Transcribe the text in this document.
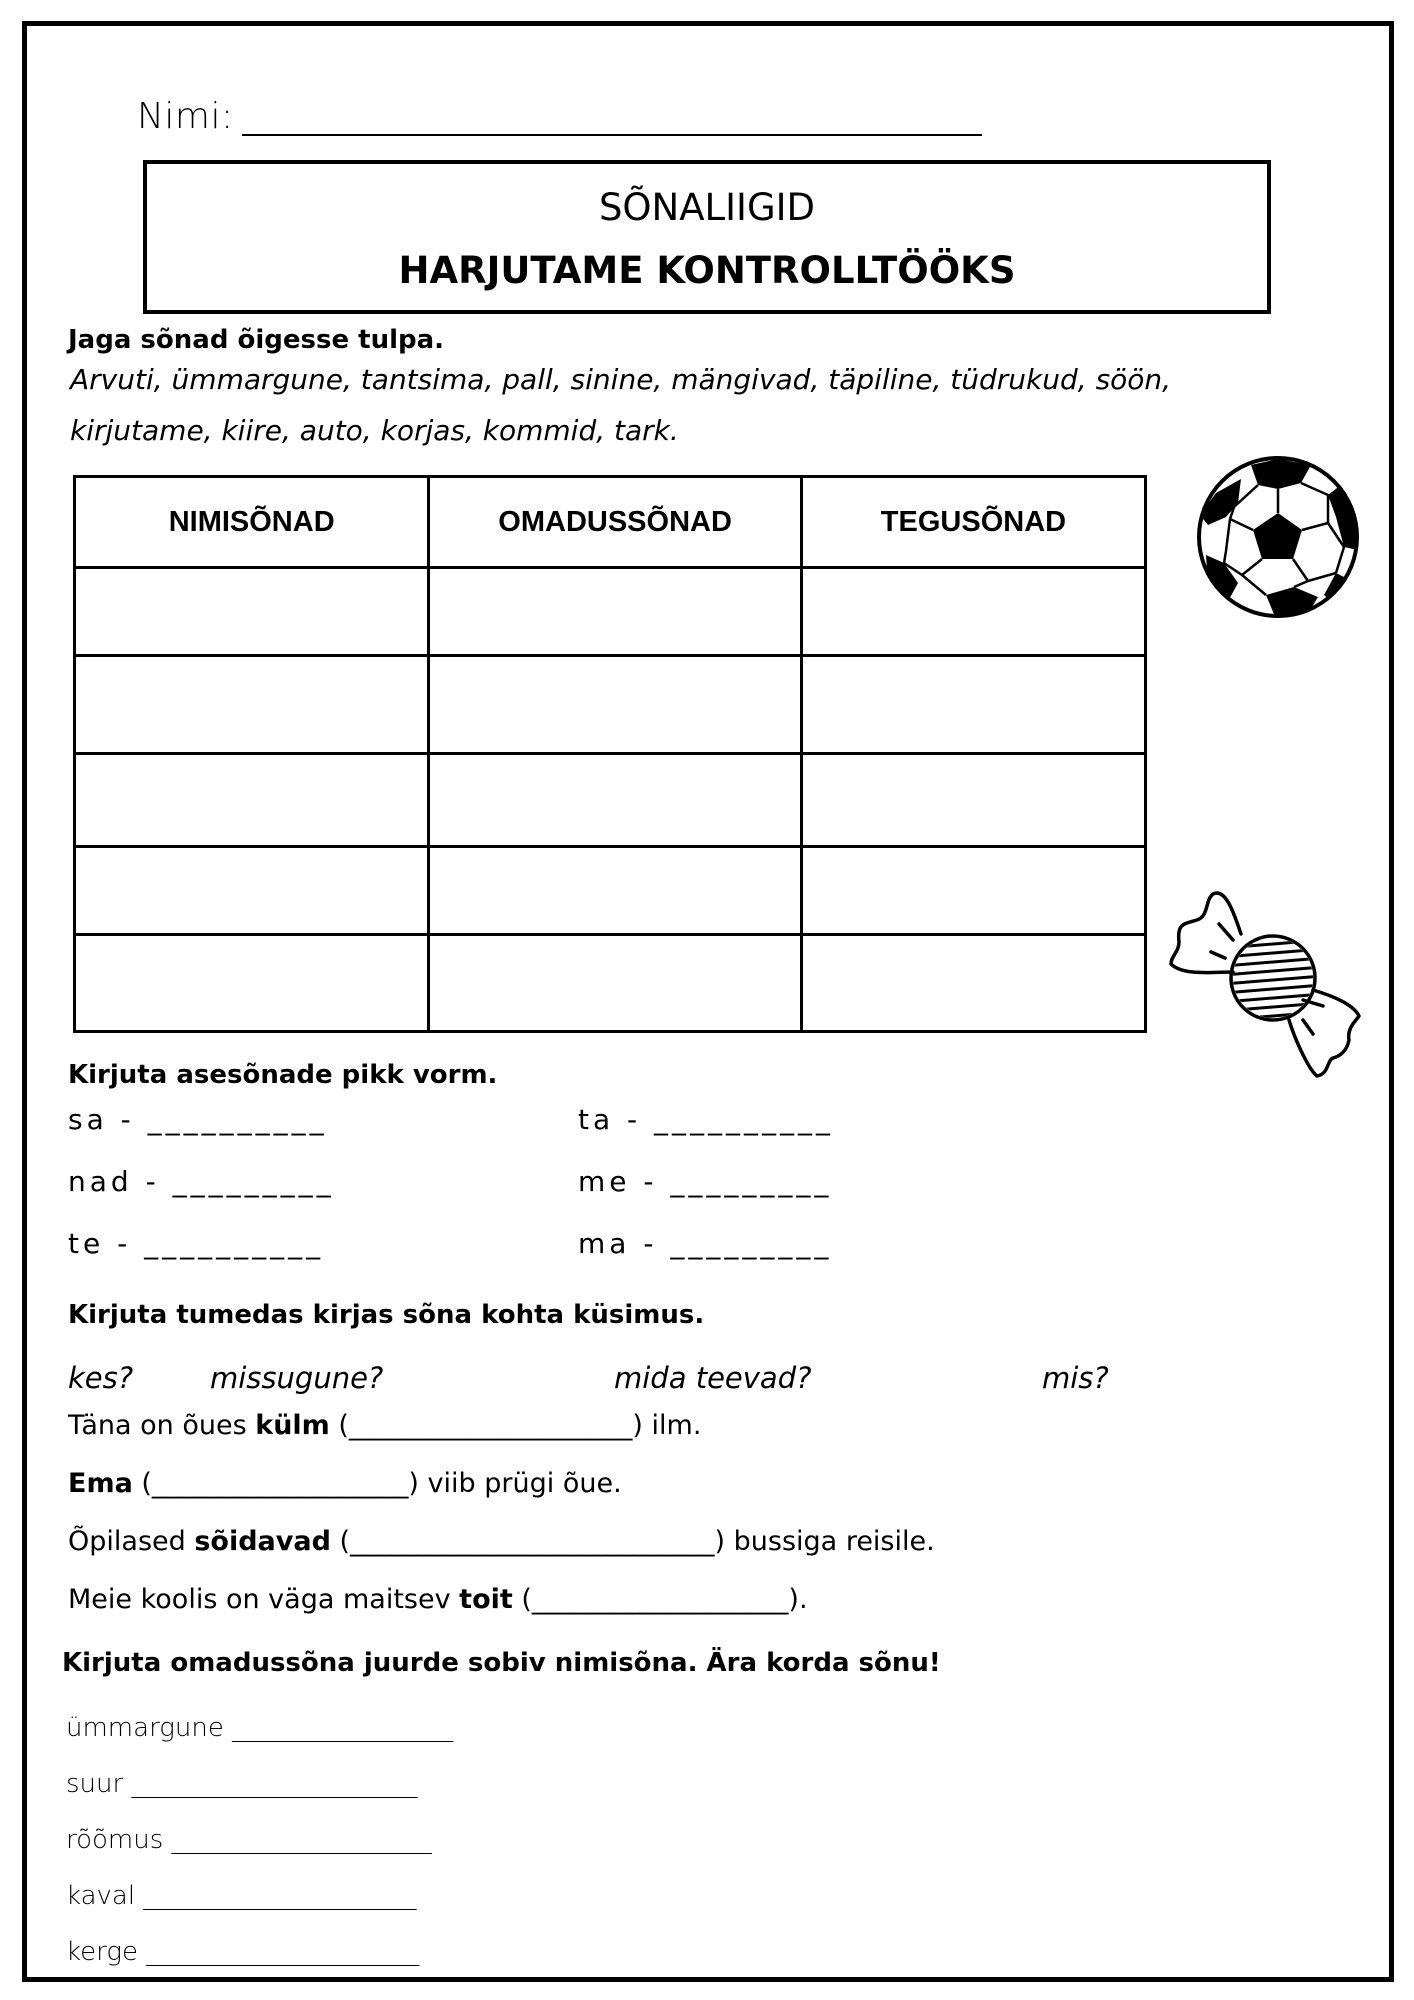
Nimi:
SÕNALIIGID
HARJUTAME KONTROLLTÖÖKS
Jaga sõnad õigesse tulpa.
Arvuti, ümmargune, tantsima, pall, sinine, mängivad, täpiline, tüdrukud, söön,
kirjutame, kiire, auto, korjas, kommid, tark.
NIMISÕNAD	OMADUSSÕNAD	TEGUSÕNAD

Kirjuta asesõnade pikk vorm.
sa - __________	ta - __________
nad - _________	me - _________
te - __________	ma - _________
Kirjuta tumedas kirjas sõna kohta küsimus.
kes?	missugune?	mida teevad?	mis?
Täna on õues külm (_____________________) ilm.
Ema (___________________) viib prügi õue.
Õpilased sõidavad (___________________________) bussiga reisile.
Meie koolis on väga maitsev toit (___________________).
Kirjuta omadussõna juurde sobiv nimisõna. Ära korda sõnu!
ümmargune _________________
suur ______________________
rõõmus ____________________
kaval _____________________
kerge _____________________
